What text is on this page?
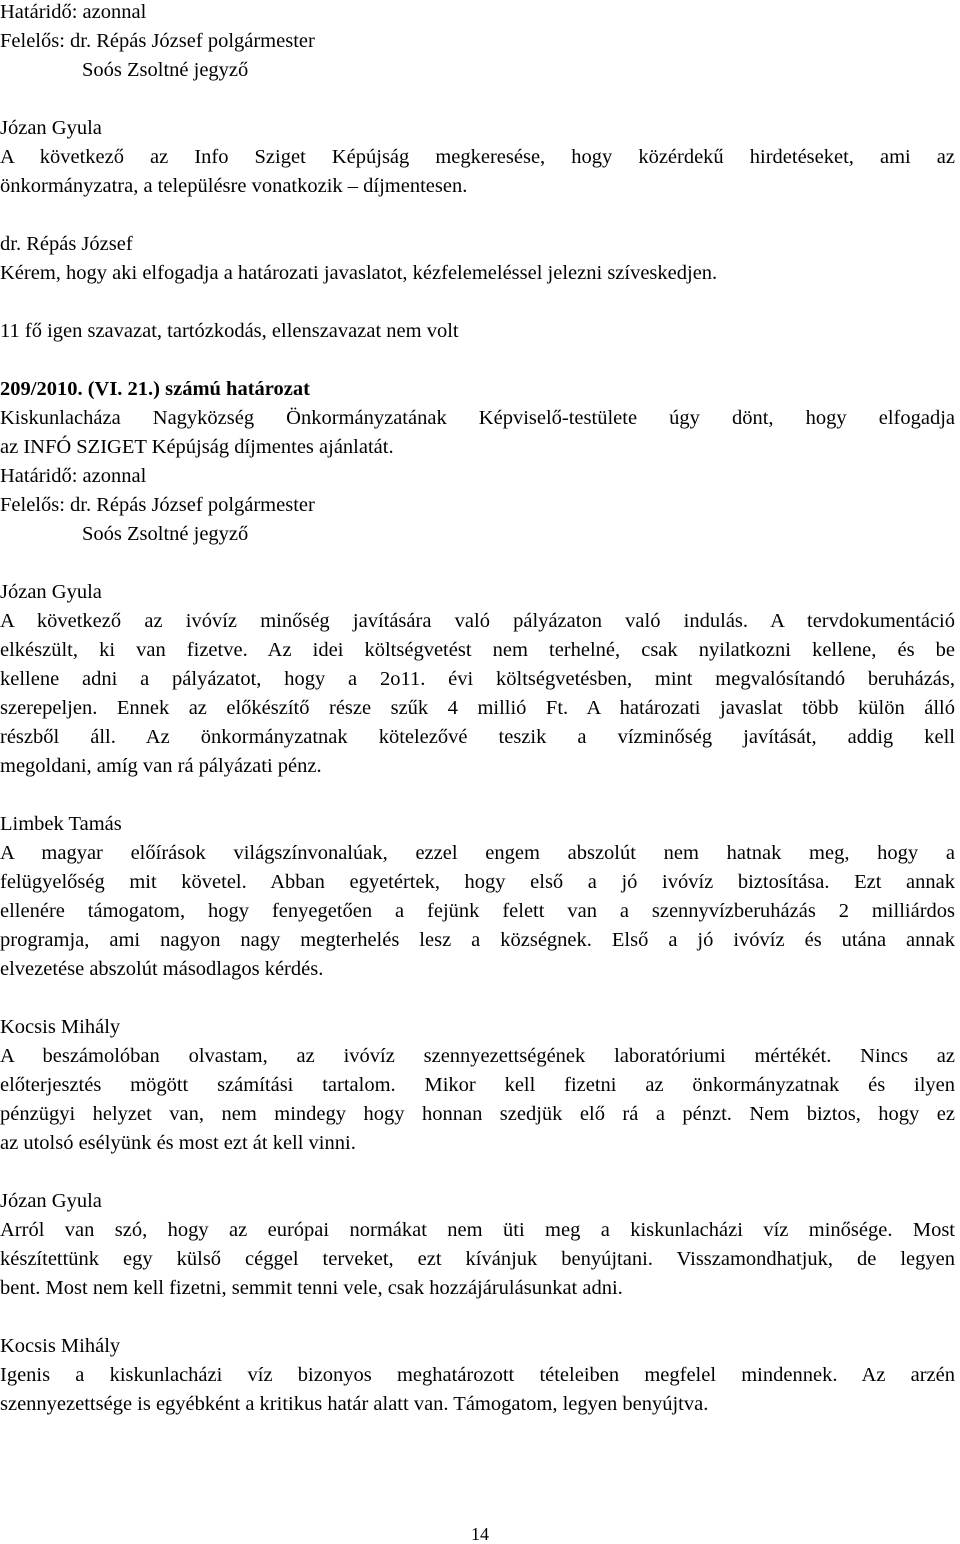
Határidő: azonnal
Felelős: dr. Répás József polgármester
Soós Zsoltné jegyző
Józan Gyula
A következő az Info Sziget Képújság megkeresése, hogy közérdekű hirdetéseket, ami az
önkormányzatra, a településre vonatkozik – díjmentesen.
dr. Répás József
Kérem, hogy aki elfogadja a határozati javaslatot, kézfelemeléssel jelezni szíveskedjen.
11 fő igen szavazat, tartózkodás, ellenszavazat nem volt
209/2010. (VI. 21.) számú határozat
Kiskunlacháza Nagyközség Önkormányzatának Képviselő-testülete úgy dönt, hogy elfogadja
az INFÓ SZIGET Képújság díjmentes ajánlatát.
Határidő: azonnal
Felelős: dr. Répás József polgármester
Soós Zsoltné jegyző
Józan Gyula
A következő az ivóvíz minőség javítására való pályázaton való indulás. A tervdokumentáció
elkészült, ki van fizetve. Az idei költségvetést nem terhelné, csak nyilatkozni kellene, és be
kellene adni a pályázatot, hogy a 2o11. évi költségvetésben, mint megvalósítandó beruházás,
szerepeljen. Ennek az előkészítő része szűk 4 millió Ft. A határozati javaslat több külön álló
részből áll. Az önkormányzatnak kötelezővé teszik a vízminőség javítását, addig kell
megoldani, amíg van rá pályázati pénz.
Limbek Tamás
A magyar előírások világszínvonalúak, ezzel engem abszolút nem hatnak meg, hogy a
felügyelőség mit követel. Abban egyetértek, hogy első a jó ivóvíz biztosítása. Ezt annak
ellenére támogatom, hogy fenyegetően a fejünk felett van a szennyvízberuházás 2 milliárdos
programja, ami nagyon nagy megterhelés lesz a községnek. Első a jó ivóvíz és utána annak
elvezetése abszolút másodlagos kérdés.
Kocsis Mihály
A beszámolóban olvastam, az ivóvíz szennyezettségének laboratóriumi mértékét. Nincs az
előterjesztés mögött számítási tartalom. Mikor kell fizetni az önkormányzatnak és ilyen
pénzügyi helyzet van, nem mindegy hogy honnan szedjük elő rá a pénzt. Nem biztos, hogy ez
az utolsó esélyünk és most ezt át kell vinni.
Józan Gyula
Arról van szó, hogy az európai normákat nem üti meg a kiskunlacházi víz minősége. Most
készítettünk egy külső céggel terveket, ezt kívánjuk benyújtani. Visszamondhatjuk, de legyen
bent. Most nem kell fizetni, semmit tenni vele, csak hozzájárulásunkat adni.
Kocsis Mihály
Igenis a kiskunlacházi víz bizonyos meghatározott tételeiben megfelel mindennek. Az arzén
szennyezettsége is egyébként a kritikus határ alatt van. Támogatom, legyen benyújtva.
14
